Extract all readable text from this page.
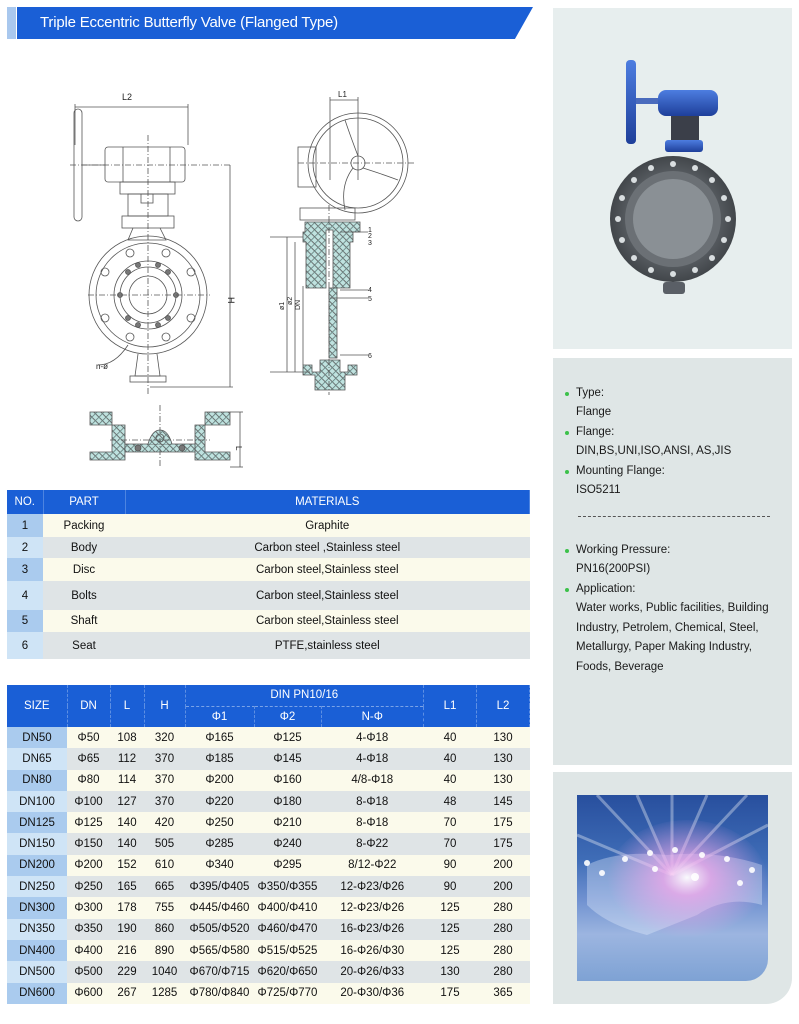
Triple Eccentric Butterfly Valve (Flanged Type)
H
L2
n-ø
L1
ø1
ø2 DN
1
2
3
4
5
6
L
Type:
Flange
Flange:
DIN,BS,UNI,ISO,ANSI, AS,JIS
Mounting Flange:
ISO5211
Working Pressure:
PN16(200PSI)
Application:
Water works, Public facilities, Building Industry, Petrolem, Chemical, Steel, Metallurgy, Paper Making Industry, Foods, Beverage
NO.	PART	MATERIALS
1	Packing	Graphite
2	Body	Carbon steel ,Stainless steel
3	Disc	Carbon steel,Stainless steel
4	Bolts	Carbon steel,Stainless steel
5	Shaft	Carbon steel,Stainless steel
6	Seat	PTFE,stainless steel
SIZE	DN	L	H	DIN PN10/16			L1	L2
				Φ1	Φ2	N-Φ		
DN50	Φ50	108	320	Φ165	Φ125	4-Φ18	40	130
DN65	Φ65	112	370	Φ185	Φ145	4-Φ18	40	130
DN80	Φ80	114	370	Φ200	Φ160	4/8-Φ18	40	130
DN100	Φ100	127	370	Φ220	Φ180	8-Φ18	48	145
DN125	Φ125	140	420	Φ250	Φ210	8-Φ18	70	175
DN150	Φ150	140	505	Φ285	Φ240	8-Φ22	70	175
DN200	Φ200	152	610	Φ340	Φ295	8/12-Φ22	90	200
DN250	Φ250	165	665	Φ395/Φ405	Φ350/Φ355	12-Φ23/Φ26	90	200
DN300	Φ300	178	755	Φ445/Φ460	Φ400/Φ410	12-Φ23/Φ26	125	280
DN350	Φ350	190	860	Φ505/Φ520	Φ460/Φ470	16-Φ23/Φ26	125	280
DN400	Φ400	216	890	Φ565/Φ580	Φ515/Φ525	16-Φ26/Φ30	125	280
DN500	Φ500	229	1040	Φ670/Φ715	Φ620/Φ650	20-Φ26/Φ33	130	280
DN600	Φ600	267	1285	Φ780/Φ840	Φ725/Φ770	20-Φ30/Φ36	175	365
